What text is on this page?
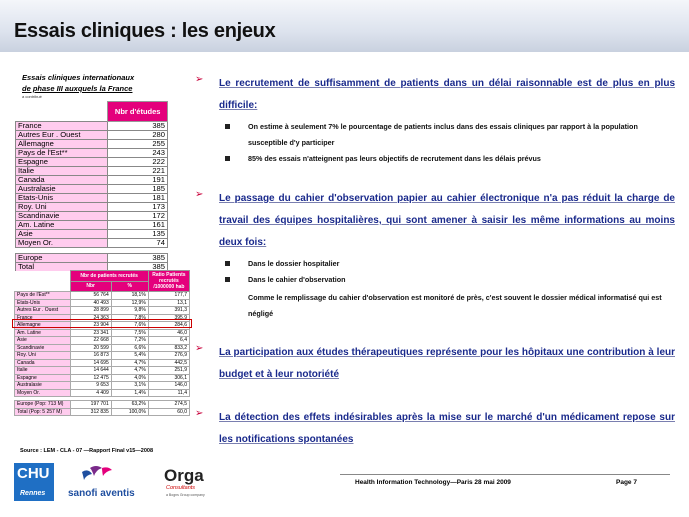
Essais cliniques : les enjeux
Essais cliniques internationaux
de phase III auxquels la France
a contribué
	Nbr d'études
France	385
Autres Eur . Ouest	280
Allemagne	255
Pays de l'Est**	243
Espagne	222
Italie	221
Canada	191
Australasie	185
Etats-Unis	181
Roy. Uni	173
Scandinavie	172
Am. Latine	161
Asie	135
Moyen Or.	74

Europe	385
Total	385
	Nbr de patients recrutés		Ratio Patients recrutés /1000000 hab
	Nbr	%	
Pays de l'Est**	56 764	18,1%	177,7
Etats-Unis	40 493	12,9%	13,1
Autres Eur . Ouest	28 899	9,8%	391,3
France	24 363	7,8%	395,9
Allemagne	23 904	7,6%	284,6
Am. Latine	23 341	7,5%	46,0
Asie	22 668	7,2%	6,4
Scandinavie	20 599	6,6%	833,2
Roy. Uni	16 873	5,4%	276,9
Canada	14 695	4,7%	442,5
Italie	14 644	4,7%	251,9
Espagne	12 475	4,0%	306,1
Australasie	9 653	3,1%	146,0
Moyen Or.	4 409	1,4%	11,4

Europe (Pop: 713 M)	197 701	63,2%	274,5
Total (Pop: 5 257 M)	312 835	100,0%	60,0
Source : LEM - CLA - 07 —Rapport Final v15—2008
➢ Le recrutement de suffisamment de patients dans un délai raisonnable est de plus en plus difficile:
On estime à seulement 7% le pourcentage de patients inclus dans des essais cliniques par rapport à la population susceptible d'y participer
85% des essais n'atteignent pas leurs objectifs de recrutement dans les délais prévus
➢ Le passage du cahier d'observation papier au cahier électronique n'a pas réduit la charge de travail des équipes hospitalières, qui sont amener à saisir les même informations au moins deux fois:
Dans le dossier hospitalier
Dans le cahier d'observation
Comme le remplissage du cahier d'observation est monitoré de près, c'est souvent le dossier médical informatisé qui est négligé
➢ La participation aux études thérapeutiques représente pour les hôpitaux une contribution à leur budget et à leur notoriété
➢ La détection des effets indésirables après la mise sur le marché d'un médicament repose sur les notifications spontanées
Health Information Technology—Paris 28 mai 2009	Page 7
CHU
Rennes sanofi aventis
Orga
Consultants
a Bogns Group company
